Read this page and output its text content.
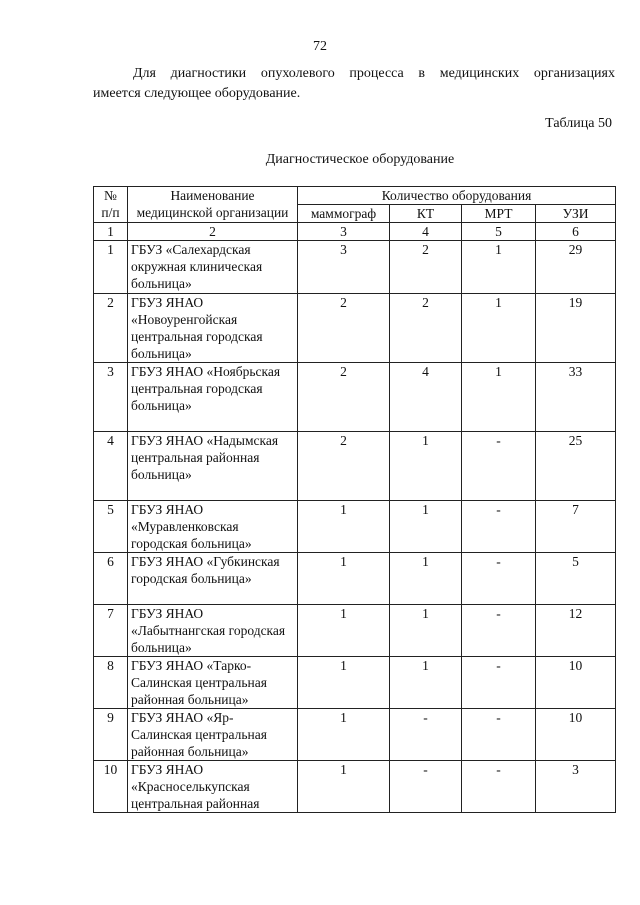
72

Для диагностики опухолевого процесса в медицинских организациях
имеется следующее оборудование.

Таблица 50
Диагностическое оборудование
№ п/п	Наименование медицинской организации	Количество оборудования			
		маммограф	КТ	МРТ	УЗИ
1	2	3	4	5	6
1	ГБУЗ «Салехардская окружная клиническая больница»	3	2	1	29
2	ГБУЗ ЯНАО «Новоуренгойская центральная городская больница»	2	2	1	19
3	ГБУЗ ЯНАО «Ноябрьская центральная городская больница»	2	4	1	33
4	ГБУЗ ЯНАО «Надымская центральная районная больница»	2	1	-	25
5	ГБУЗ ЯНАО «Муравленковская городская больница»	1	1	-	7
6	ГБУЗ ЯНАО «Губкинская городская больница»	1	1	-	5
7	ГБУЗ ЯНАО «Лабытнангская городская больница»	1	1	-	12
8	ГБУЗ ЯНАО «Тарко-Салинская центральная районная больница»	1	1	-	10
9	ГБУЗ ЯНАО «Яр-Салинская центральная районная больница»	1	-	-	10
10	ГБУЗ ЯНАО «Красноселькупская центральная районная	1	-	-	3
